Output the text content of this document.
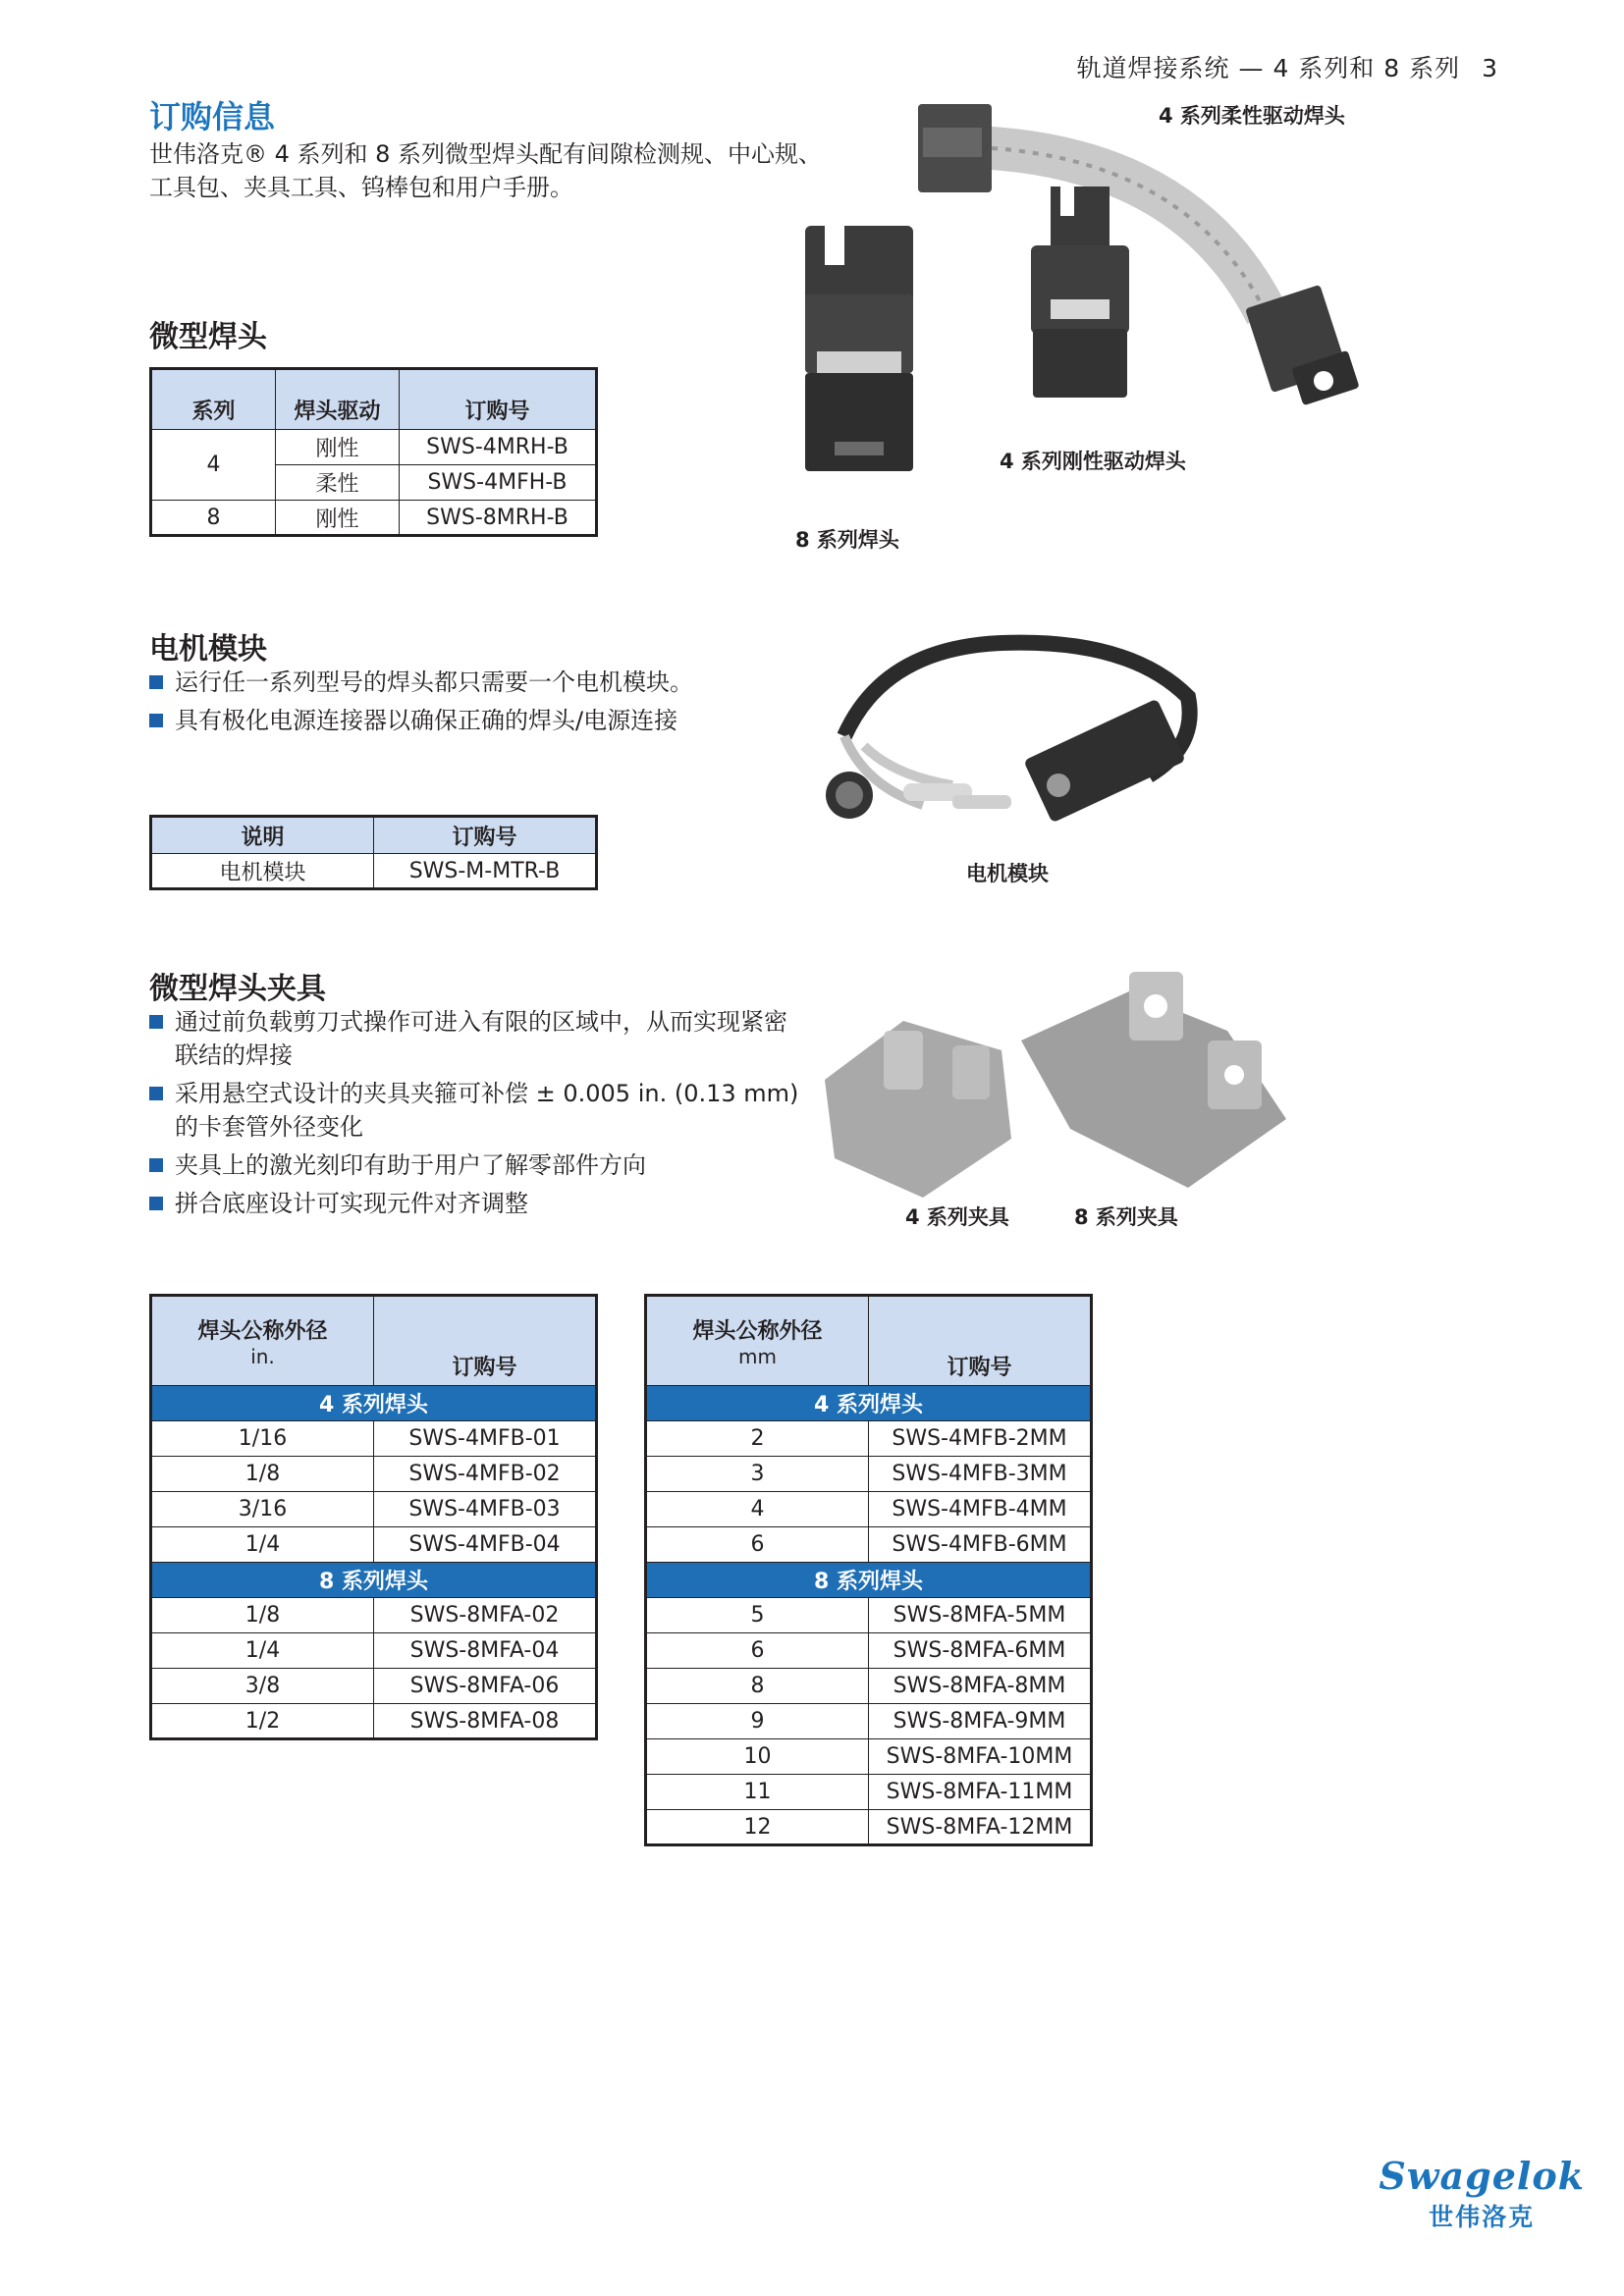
轨道焊接系统 — 4 系列和 8 系列 3
订购信息
世伟洛克® 4 系列和 8 系列微型焊头配有间隙检测规、中心规、
工具包、夹具工具、钨棒包和用户手册。
微型焊头
系列	焊头驱动	订购号
4	刚性	SWS-4MRH-B
	柔性	SWS-4MFH-B
8	刚性	SWS-8MRH-B
4 系列柔性驱动焊头
4 系列刚性驱动焊头
8 系列焊头
电机模块
运行任一系列型号的焊头都只需要一个电机模块。
具有极化电源连接器以确保正确的焊头/电源连接
说明	订购号
电机模块	SWS-M-MTR-B	电机模块
微型焊头夹具
通过前负载剪刀式操作可进入有限的区域中，从而实现紧密
联结的焊接
采用悬空式设计的夹具夹箍可补偿 ± 0.005 in. (0.13 mm)
的卡套管外径变化
夹具上的激光刻印有助于用户了解零部件方向
拼合底座设计可实现元件对齐调整	4 系列夹具	8 系列夹具
焊头公称外径
in.	订购号
4 系列焊头	
1/16	SWS-4MFB-01
1/8	SWS-4MFB-02
3/16	SWS-4MFB-03
1/4	SWS-4MFB-04
8 系列焊头	
1/8	SWS-8MFA-02
1/4	SWS-8MFA-04
3/8	SWS-8MFA-06
1/2	SWS-8MFA-08
焊头公称外径
mm	订购号
4 系列焊头	
2	SWS-4MFB-2MM
3	SWS-4MFB-3MM
4	SWS-4MFB-4MM
6	SWS-4MFB-6MM
8 系列焊头	
5	SWS-8MFA-5MM
6	SWS-8MFA-6MM
8	SWS-8MFA-8MM
9	SWS-8MFA-9MM
10	SWS-8MFA-10MM
11	SWS-8MFA-11MM
12	SWS-8MFA-12MM
Swagelok
世伟洛克
